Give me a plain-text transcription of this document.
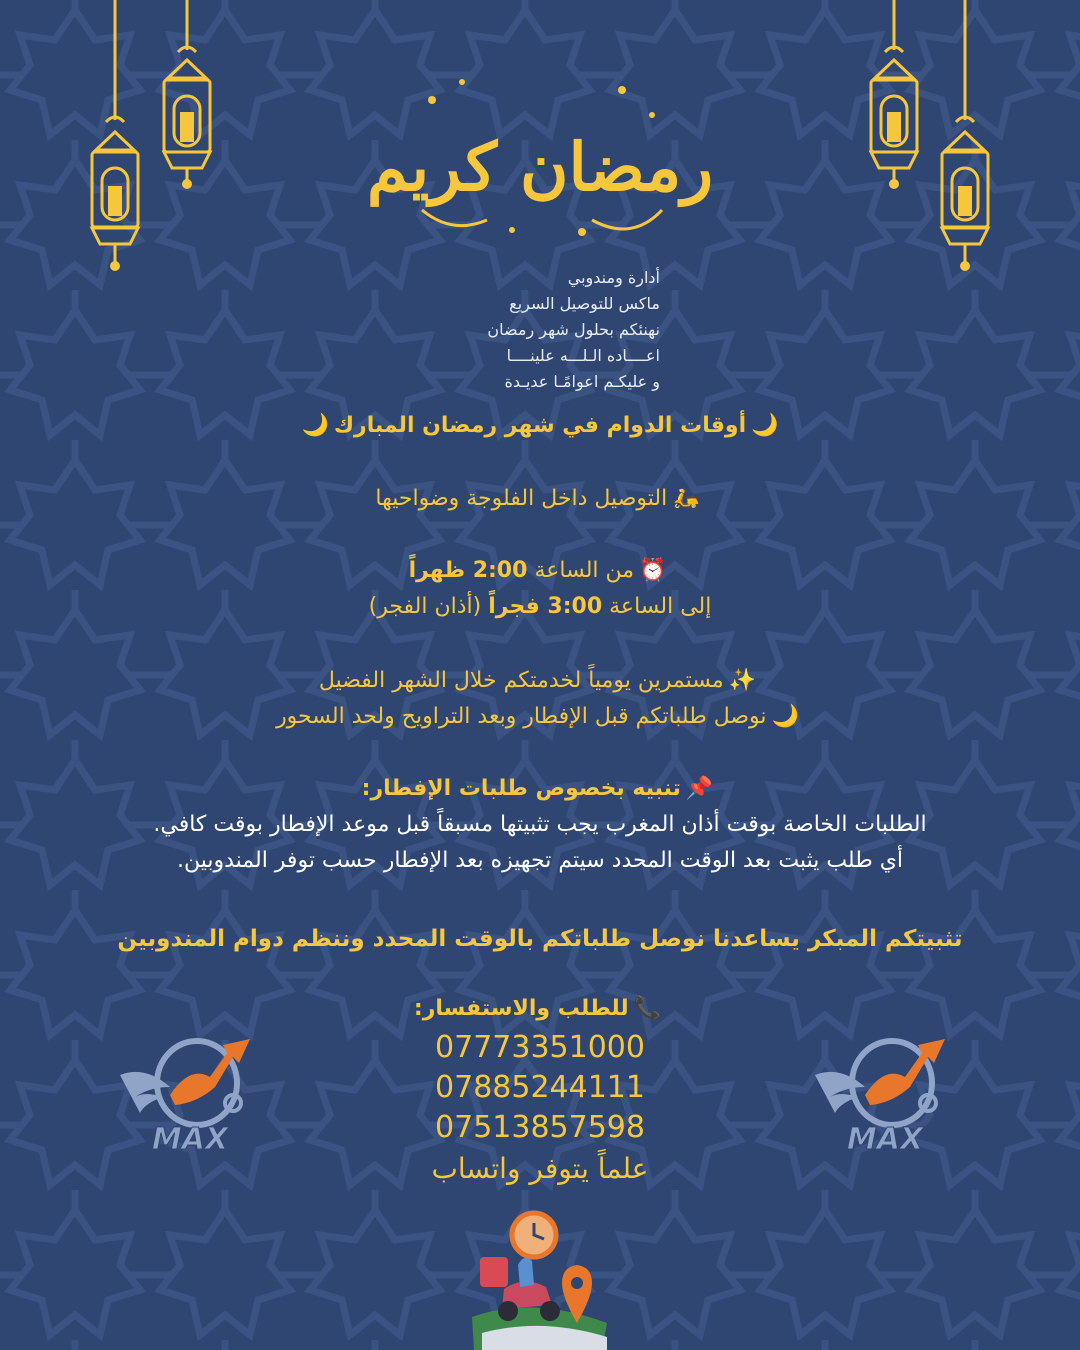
رمضان كريم
أدارة ومندوبي
ماكس للتوصيل السريع
نهنئكم بحلول شهر رمضان
اعــــاده الـلـــه علينــــا
و عليكـم اعوامًـا عديـدة
🌙أوقات الدوام في شهر رمضان المبارك🌙
🛵التوصيل داخل الفلوجة وضواحيها
⏰من الساعة 2:00 ظهراً
إلى الساعة 3:00 فجراً (أذان الفجر)
✨مستمرين يومياً لخدمتكم خلال الشهر الفضيل
🌙نوصل طلباتكم قبل الإفطار وبعد التراويح ولحد السحور
📌تنبيه بخصوص طلبات الإفطار:
الطلبات الخاصة بوقت أذان المغرب يجب تثبيتها مسبقاً قبل موعد الإفطار بوقت كافي.
أي طلب يثبت بعد الوقت المحدد سيتم تجهيزه بعد الإفطار حسب توفر المندوبين.
تثبيتكم المبكر يساعدنا نوصل طلباتكم بالوقت المحدد وننظم دوام المندوبين
📞للطلب والاستفسار:
07773351000
07885244111
07513857598
علماً يتوفر واتساب
MAX	MAX
